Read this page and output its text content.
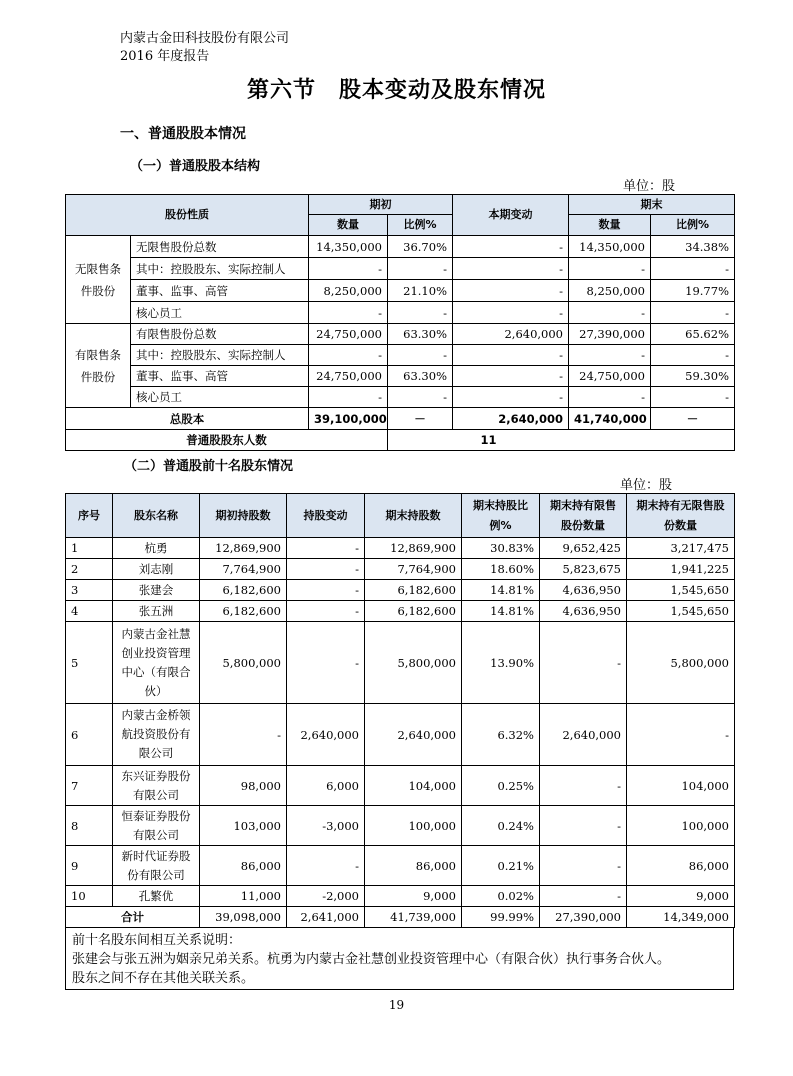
内蒙古金田科技股份有限公司
2016 年度报告
第六节　股本变动及股东情况
一、普通股股本情况
（一）普通股股本结构
单位：股
股份性质		期初		本期变动	期末	
		数量	比例%		数量	比例%
无限售条件股份	无限售股份总数	14,350,000	36.70%	-	14,350,000	34.38%
	其中：控股股东、实际控制人	-	-	-	-	-
	董事、监事、高管	8,250,000	21.10%	-	8,250,000	19.77%
	核心员工	-	-	-	-	-
有限售条件股份	有限售股份总数	24,750,000	63.30%	2,640,000	27,390,000	65.62%
	其中：控股股东、实际控制人	-	-	-	-	-
	董事、监事、高管	24,750,000	63.30%	-	24,750,000	59.30%
	核心员工	-	-	-	-	-
总股本		39,100,000	－	2,640,000	41,740,000	－
普通股股东人数			11			
（二）普通股前十名股东情况
单位：股
序号	股东名称	期初持股数	持股变动	期末持股数	期末持股比例%	期末持有限售股份数量	期末持有无限售股份数量
1	杭勇	12,869,900	-	12,869,900	30.83%	9,652,425	3,217,475
2	刘志刚	7,764,900	-	7,764,900	18.60%	5,823,675	1,941,225
3	张建会	6,182,600	-	6,182,600	14.81%	4,636,950	1,545,650
4	张五洲	6,182,600	-	6,182,600	14.81%	4,636,950	1,545,650
5	内蒙古金社慧创业投资管理中心（有限合伙）	5,800,000	-	5,800,000	13.90%	-	5,800,000
6	内蒙古金桥领航投资股份有限公司	-	2,640,000	2,640,000	6.32%	2,640,000	-
7	东兴证券股份有限公司	98,000	6,000	104,000	0.25%	-	104,000
8	恒泰证券股份有限公司	103,000	-3,000	100,000	0.24%	-	100,000
9	新时代证券股份有限公司	86,000	-	86,000	0.21%	-	86,000
10	孔繁优	11,000	-2,000	9,000	0.02%	-	9,000
合计		39,098,000	2,641,000	41,739,000	99.99%	27,390,000	14,349,000
前十名股东间相互关系说明：
张建会与张五洲为姻亲兄弟关系。杭勇为内蒙古金社慧创业投资管理中心（有限合伙）执行事务合伙人。
股东之间不存在其他关联关系。
19
